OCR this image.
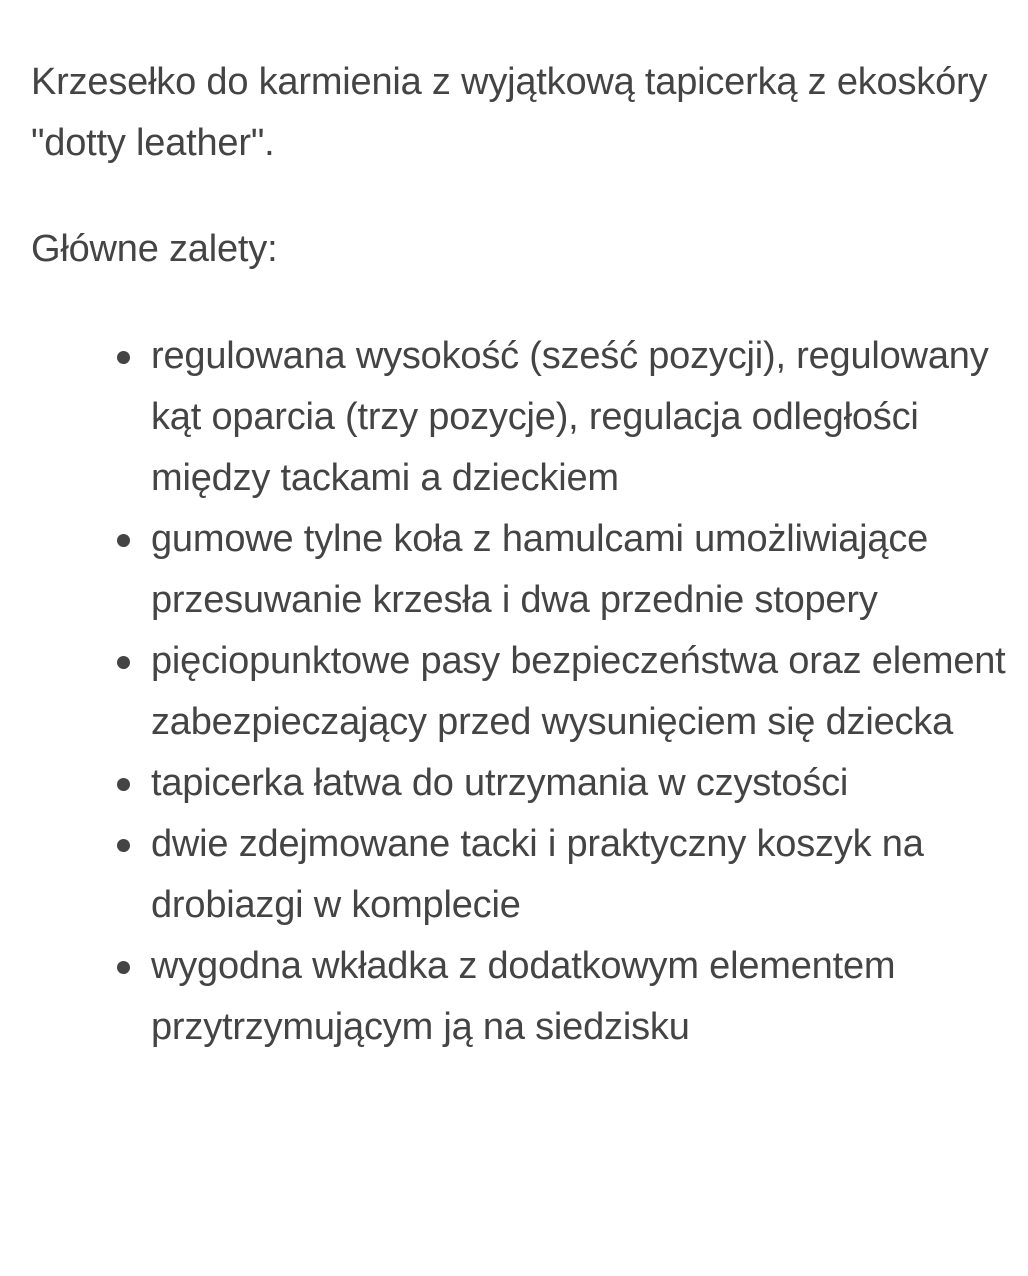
Krzesełko do karmienia z wyjątkową tapicerką z ekoskóry "dotty leather".

Główne zalety:

regulowana wysokość (sześć pozycji), regulowany kąt oparcia (trzy pozycje), regulacja odległości między tackami a dzieckiem
gumowe tylne koła z hamulcami umożliwiające przesuwanie krzesła i dwa przednie stopery
pięciopunktowe pasy bezpieczeństwa oraz element zabezpieczający przed wysunięciem się dziecka
tapicerka łatwa do utrzymania w czystości
dwie zdejmowane tacki i praktyczny koszyk na drobiazgi w komplecie
wygodna wkładka z dodatkowym elementem przytrzymującym ją na siedzisku
